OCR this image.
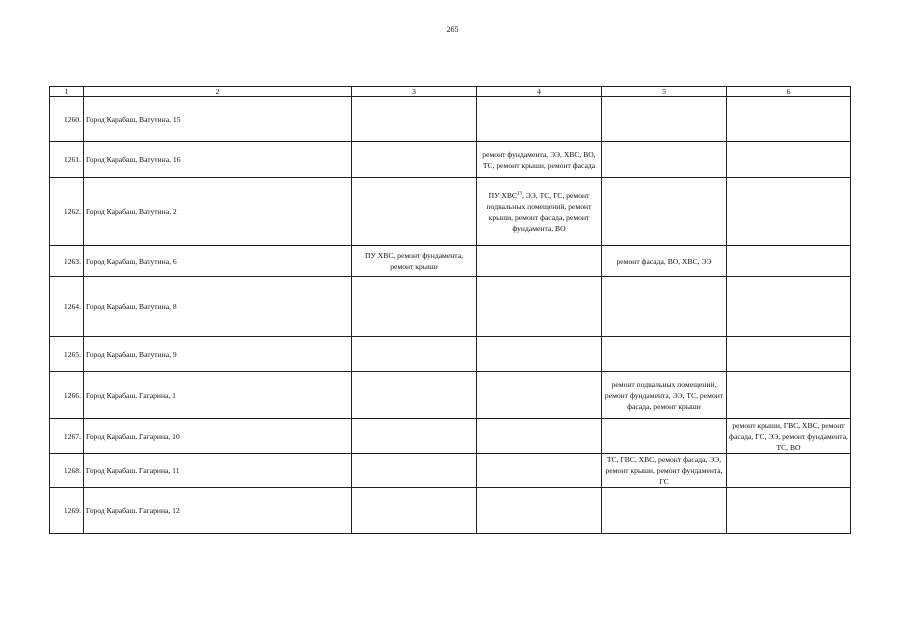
265
1	2	3	4	5	6
1260.	Город Карабаш, Ватутина, 15				
1261.	Город Карабаш, Ватутина, 16		ремонт фундамента, ЭЭ, ХВС, ВО, ТС, ремонт крыши, ремонт фасада		
1262.	Город Карабаш, Ватутина, 2		ПУ ХВС$^{13}$, ЭЭ, ТС, ГС, ремонт подвальных помещений, ремонт крыши, ремонт фасада, ремонт фундамента, ВО		
1263.	Город Карабаш, Ватутина, 6	ПУ ХВС, ремонт фундамента, ремонт крыши		ремонт фасада, ВО, ХВС, ЭЭ	
1264.	Город Карабаш, Ватутина, 8				
1265.	Город Карабаш, Ватутина, 9				
1266.	Город Карабаш, Гагарина, 1			ремонт подвальных помещений, ремонт фундамента, ЭЭ, ТС, ремонт фасада, ремонт крыши	
1267.	Город Карабаш, Гагарина, 10				ремонт крыши, ГВС, ХВС, ремонт фасада, ГС, ЭЭ, ремонт фундамента, ТС, ВО
1268.	Город Карабаш, Гагарина, 11			ТС, ГВС, ХВС, ремонт фасада, ЭЭ, ремонт крыши, ремонт фундамента, ГС	
1269.	Город Карабаш, Гагарина, 12				
